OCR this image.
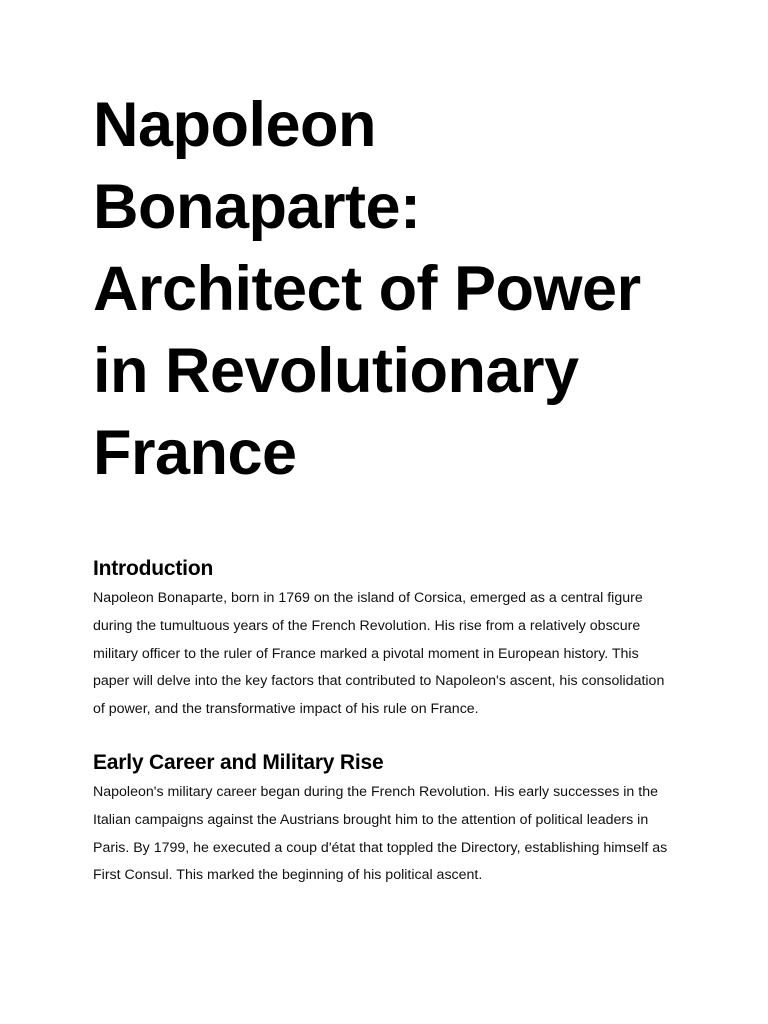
Napoleon
Bonaparte:
Architect of Power
in Revolutionary
France
Introduction

Napoleon Bonaparte, born in 1769 on the island of Corsica, emerged as a central figure
during the tumultuous years of the French Revolution. His rise from a relatively obscure
military officer to the ruler of France marked a pivotal moment in European history. This
paper will delve into the key factors that contributed to Napoleon's ascent, his consolidation
of power, and the transformative impact of his rule on France.

Early Career and Military Rise

Napoleon's military career began during the French Revolution. His early successes in the
Italian campaigns against the Austrians brought him to the attention of political leaders in
Paris. By 1799, he executed a coup d'état that toppled the Directory, establishing himself as
First Consul. This marked the beginning of his political ascent.
